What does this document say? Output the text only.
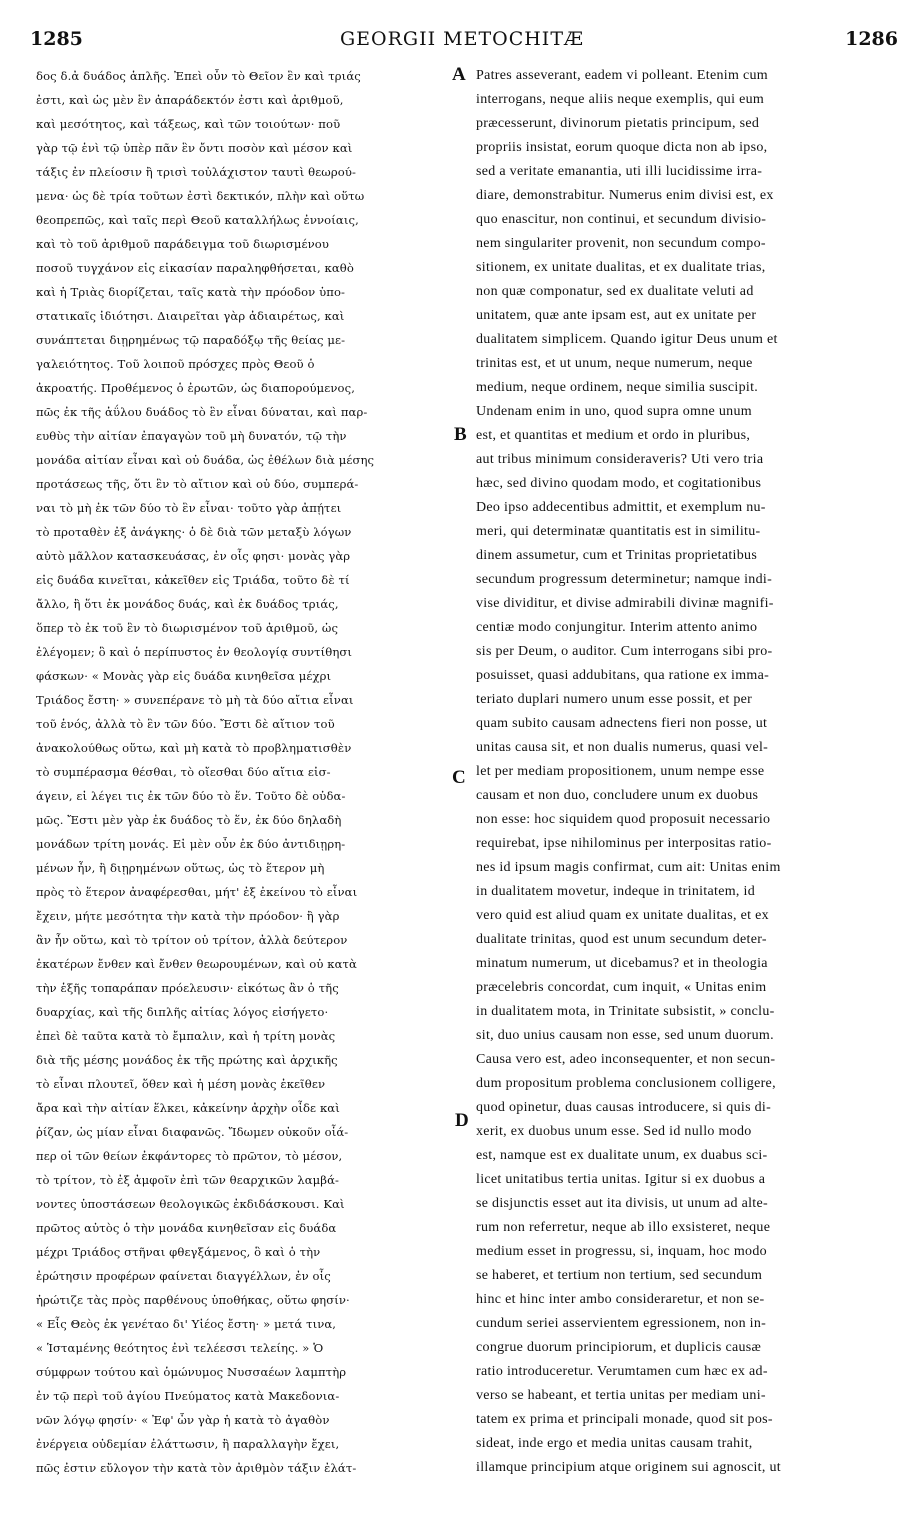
1285	GEORGII METOCHITÆ	1286
δος δ.ἀ δυάδος ἁπλῆς. Ἐπεὶ οὖν τὸ Θεῖον ἓν καὶ τριάς
ἐστι, καὶ ὡς μὲν ἓν ἀπαράδεκτόν ἐστι καὶ ἀριθμοῦ,
καὶ μεσότητος, καὶ τάξεως, καὶ τῶν τοιούτων· ποῦ
γὰρ τῷ ἑνὶ τῷ ὑπὲρ πᾶν ἓν ὄντι ποσὸν καὶ μέσον καὶ
τάξις ἐν πλείοσιν ἢ τρισὶ τοὐλάχιστον ταυτὶ θεωρού-
μενα· ὡς δὲ τρία τοῦτων ἐστὶ δεκτικόν, πλὴν καὶ οὕτω
θεοπρεπῶς, καὶ ταῖς περὶ Θεοῦ καταλλήλως ἐννοίαις,
καὶ τὸ τοῦ ἀριθμοῦ παράδειγμα τοῦ διωρισμένου
ποσοῦ τυγχάνον εἰς εἰκασίαν παραληφθήσεται, καθὸ
καὶ ἡ Τριὰς διορίζεται, ταῖς κατὰ τὴν πρόοδον ὑπο-
στατικαῖς ἰδιότησι. Διαιρεῖται γὰρ ἀδιαιρέτως, καὶ
συνάπτεται διῃρημένως τῷ παραδόξῳ τῆς θείας με-
γαλειότητος. Τοῦ λοιποῦ πρόσχες πρὸς Θεοῦ ὁ
ἀκροατής. Προθέμενος ὁ ἐρωτῶν, ὡς διαπορούμενος,
πῶς ἐκ τῆς ἀΰλου δυάδος τὸ ἓν εἶναι δύναται, καὶ παρ-
ευθὺς τὴν αἰτίαν ἐπαγαγὼν τοῦ μὴ δυνατόν, τῷ τὴν
μονάδα αἰτίαν εἶναι καὶ οὐ δυάδα, ὡς ἐθέλων διὰ μέσης
προτάσεως τῆς, ὅτι ἓν τὸ αἴτιον καὶ οὐ δύο, συμπερά-
ναι τὸ μὴ ἐκ τῶν δύο τὸ ἓν εἶναι· τοῦτο γὰρ ἀπῄτει
τὸ προταθὲν ἐξ ἀνάγκης· ὁ δὲ διὰ τῶν μεταξὺ λόγων
αὐτὸ μᾶλλον κατασκευάσας, ἐν οἷς φησι· μονὰς γὰρ
εἰς δυάδα κινεῖται, κἀκεῖθεν εἰς Τριάδα, τοῦτο δὲ τί
ἄλλο, ἢ ὅτι ἐκ μονάδος δυάς, καὶ ἐκ δυάδος τριάς,
ὅπερ τὸ ἐκ τοῦ ἓν τὸ διωρισμένον τοῦ ἀριθμοῦ, ὡς
ἐλέγομεν; ὃ καὶ ὁ περίπυστος ἐν θεολογίᾳ συντίθησι
φάσκων· « Μονὰς γὰρ εἰς δυάδα κινηθεῖσα μέχρι
Τριάδος ἔστη· » συνεπέρανε τὸ μὴ τὰ δύο αἴτια εἶναι
τοῦ ἑνός, ἀλλὰ τὸ ἓν τῶν δύο. Ἔστι δὲ αἴτιον τοῦ
ἀνακολούθως οὕτω, καὶ μὴ κατὰ τὸ προβληματισθὲν
τὸ συμπέρασμα θέσθαι, τὸ οἴεσθαι δύο αἴτια εἰσ-
άγειν, εἰ λέγει τις ἐκ τῶν δύο τὸ ἕν. Τοῦτο δὲ οὐδα-
μῶς. Ἔστι μὲν γὰρ ἐκ δυάδος τὸ ἕν, ἐκ δύο δηλαδὴ
μονάδων τρίτη μονάς. Εἰ μὲν οὖν ἐκ δύο ἀντιδιῃρη-
μένων ἦν, ἢ διῃρημένων οὕτως, ὡς τὸ ἕτερον μὴ
πρὸς τὸ ἕτερον ἀναφέρεσθαι, μήτ' ἐξ ἐκείνου τὸ εἶναι
ἔχειν, μήτε μεσότητα τὴν κατὰ τὴν πρόοδον· ἢ γὰρ
ἂν ἦν οὕτω, καὶ τὸ τρίτον οὐ τρίτον, ἀλλὰ δεύτερον
ἑκατέρων ἔνθεν καὶ ἔνθεν θεωρουμένων, καὶ οὐ κατὰ
τὴν ἑξῆς τοπαράπαν πρόελευσιν· εἰκότως ἂν ὁ τῆς
δυαρχίας, καὶ τῆς διπλῆς αἰτίας λόγος εἰσήγετο·
ἐπεὶ δὲ ταῦτα κατὰ τὸ ἔμπαλιν, καὶ ἡ τρίτη μονὰς
διὰ τῆς μέσης μονάδος ἐκ τῆς πρώτης καὶ ἀρχικῆς
τὸ εἶναι πλουτεῖ, ὅθεν καὶ ἡ μέση μονὰς ἐκεῖθεν
ἄρα καὶ τὴν αἰτίαν ἕλκει, κἀκείνην ἀρχὴν οἶδε καὶ
ῥίζαν, ὡς μίαν εἶναι διαφανῶς. Ἴδωμεν οὐκοῦν οἷά-
περ οἱ τῶν θείων ἐκφάντορες τὸ πρῶτον, τὸ μέσον,
τὸ τρίτον, τὸ ἐξ ἀμφοῖν ἐπὶ τῶν θεαρχικῶν λαμβά-
νοντες ὑποστάσεων θεολογικῶς ἐκδιδάσκουσι. Καὶ
πρῶτος αὐτὸς ὁ τὴν μονάδα κινηθεῖσαν εἰς δυάδα
μέχρι Τριάδος στῆναι φθεγξάμενος, ὃ καὶ ὁ τὴν
ἐρώτησιν προφέρων φαίνεται διαγγέλλων, ἐν οἷς
ἠρώτιζε τὰς πρὸς παρθένους ὑποθήκας, οὕτω φησίν·
« Εἷς Θεὸς ἐκ γενέταο δι' Υἱέος ἔστη· » μετά τινα,
« Ἱσταμένης θεότητος ἐνὶ τελέεσσι τελείης. » Ὁ
σύμφρων τούτου καὶ ὁμώνυμος Νυσσαέων λαμπτὴρ
ἐν τῷ περὶ τοῦ ἁγίου Πνεύματος κατὰ Μακεδονια-
νῶν λόγῳ φησίν· « Ἐφ' ὧν γὰρ ἡ κατὰ τὸ ἀγαθὸν
ἐνέργεια οὐδεμίαν ἐλάττωσιν, ἢ παραλλαγὴν ἔχει,
πῶς ἐστιν εὔλογον τὴν κατὰ τὸν ἀριθμὸν τάξιν ἐλάτ-
Patres asseverant, eadem vi polleant. Etenim cum
interrogans, neque aliis neque exemplis, qui eum
præcesserunt, divinorum pietatis principum, sed
propriis insistat, eorum quoque dicta non ab ipso,
sed a veritate emanantia, uti illi lucidissime irra-
diare, demonstrabitur. Numerus enim divisi est, ex
quo enascitur, non continui, et secundum divisio-
nem singulariter provenit, non secundum compo-
sitionem, ex unitate dualitas, et ex dualitate trias,
non quæ componatur, sed ex dualitate veluti ad
unitatem, quæ ante ipsam est, aut ex unitate per
dualitatem simplicem. Quando igitur Deus unum et
trinitas est, et ut unum, neque numerum, neque
medium, neque ordinem, neque similia suscipit.
Undenam enim in uno, quod supra omne unum
est, et quantitas et medium et ordo in pluribus,
aut tribus minimum consideraveris? Uti vero tria
hæc, sed divino quodam modo, et cogitationibus
Deo ipso addecentibus admittit, et exemplum nu-
meri, qui determinatæ quantitatis est in similitu-
dinem assumetur, cum et Trinitas proprietatibus
secundum progressum determinetur; namque indi-
vise dividitur, et divise admirabili divinæ magnifi-
centiæ modo conjungitur. Interim attento animo
sis per Deum, o auditor. Cum interrogans sibi pro-
posuisset, quasi addubitans, qua ratione ex imma-
teriato duplari numero unum esse possit, et per
quam subito causam adnectens fieri non posse, ut
unitas causa sit, et non dualis numerus, quasi vel-
let per mediam propositionem, unum nempe esse
causam et non duo, concludere unum ex duobus
non esse: hoc siquidem quod proposuit necessario
requirebat, ipse nihilominus per interpositas ratio-
nes id ipsum magis confirmat, cum ait: Unitas enim
in dualitatem movetur, indeque in trinitatem, id
vero quid est aliud quam ex unitate dualitas, et ex
dualitate trinitas, quod est unum secundum deter-
minatum numerum, ut dicebamus? et in theologia
præcelebris concordat, cum inquit, « Unitas enim
in dualitatem mota, in Trinitate subsistit, » conclu-
sit, duo unius causam non esse, sed unum duorum.
Causa vero est, adeo inconsequenter, et non secun-
dum propositum problema conclusionem colligere,
quod opinetur, duas causas introducere, si quis di-
xerit, ex duobus unum esse. Sed id nullo modo
est, namque est ex dualitate unum, ex duabus sci-
licet unitatibus tertia unitas. Igitur si ex duobus a
se disjunctis esset aut ita divisis, ut unum ad alte-
rum non referretur, neque ab illo exsisteret, neque
medium esset in progressu, si, inquam, hoc modo
se haberet, et tertium non tertium, sed secundum
hinc et hinc inter ambo consideraretur, et non se-
cundum seriei asservientem egressionem, non in-
congrue duorum principiorum, et duplicis causæ
ratio introduceretur. Verumtamen cum hæc ex ad-
verso se habeant, et tertia unitas per mediam uni-
tatem ex prima et principali monade, quod sit pos-
sideat, inde ergo et media unitas causam trahit,
illamque principium atque originem sui agnoscit, ut
A
B
C
D
